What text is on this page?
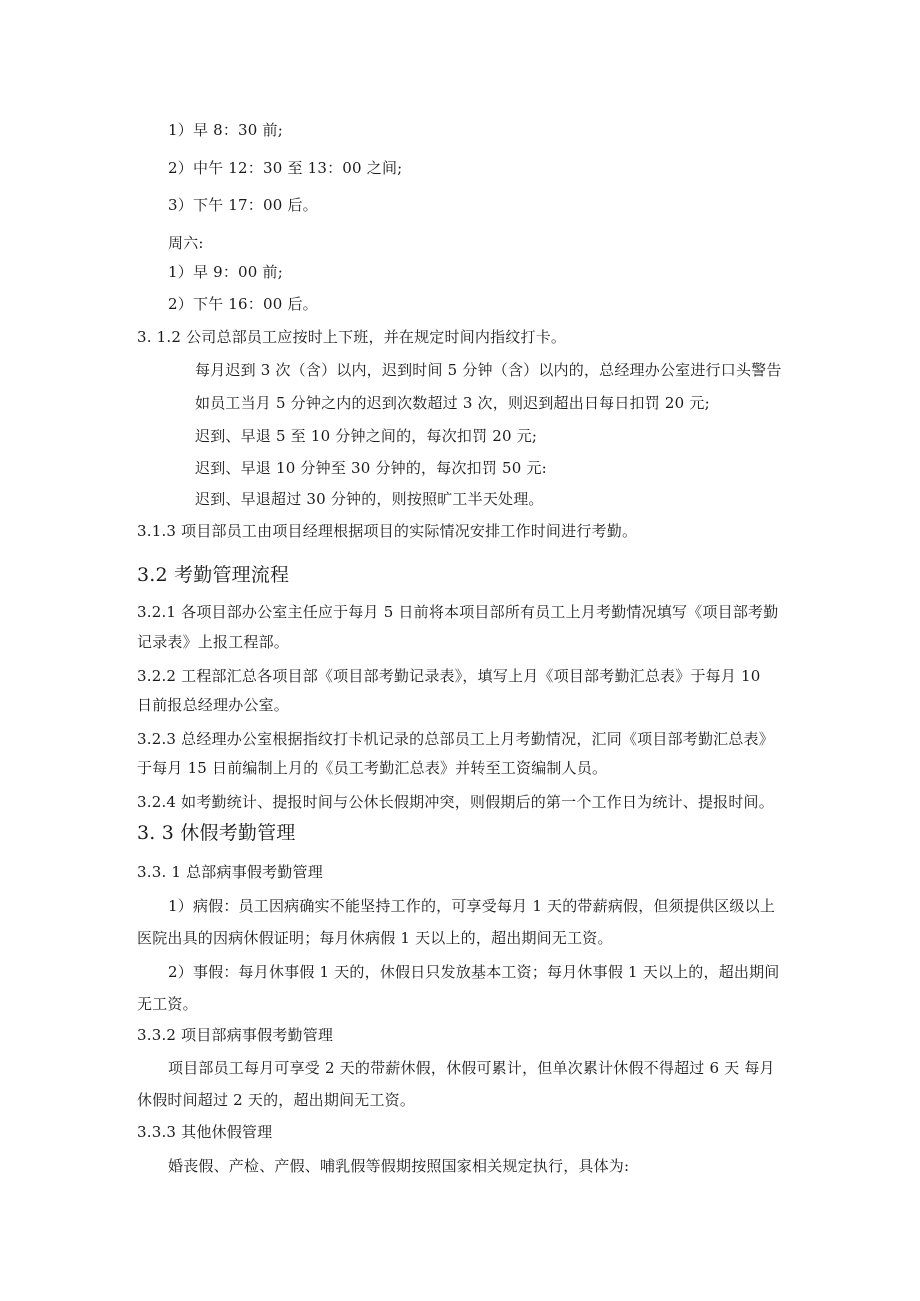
1）早 8：30 前;
2）中午 12：30 至 13：00 之间;
3）下午 17：00 后。
周六:
1）早 9：00 前;
2）下午 16：00 后。
3. 1.2 公司总部员工应按时上下班，并在规定时间内指纹打卡。
每月迟到 3 次（含）以内，迟到时间 5 分钟（含）以内的，总经理办公室进行口头警告
如员工当月 5 分钟之内的迟到次数超过 3 次，则迟到超出日每日扣罚 20 元;
迟到、早退 5 至 10 分钟之间的，每次扣罚 20 元;
迟到、早退 10 分钟至 30 分钟的，每次扣罚 50 元:
迟到、早退超过 30 分钟的，则按照旷工半天处理。
3.1.3 项目部员工由项目经理根据项目的实际情况安排工作时间进行考勤。
3.2 考勤管理流程
3.2.1 各项目部办公室主任应于每月 5 日前将本项目部所有员工上月考勤情况填写《项目部考勤
记录表》上报工程部。
3.2.2 工程部汇总各项目部《项目部考勤记录表》，填写上月《项目部考勤汇总表》于每月 10
日前报总经理办公室。
3.2.3 总经理办公室根据指纹打卡机记录的总部员工上月考勤情况，汇同《项目部考勤汇总表》
于每月 15 日前编制上月的《员工考勤汇总表》并转至工资编制人员。
3.2.4 如考勤统计、提报时间与公休长假期冲突，则假期后的第一个工作日为统计、提报时间。
3. 3 休假考勤管理
3.3. 1 总部病事假考勤管理
1）病假：员工因病确实不能坚持工作的，可享受每月 1 天的带薪病假，但须提供区级以上
医院出具的因病休假证明；每月休病假 1 天以上的，超出期间无工资。
2）事假：每月休事假 1 天的，休假日只发放基本工资；每月休事假 1 天以上的，超出期间
无工资。
3.3.2 项目部病事假考勤管理
项目部员工每月可享受 2 天的带薪休假，休假可累计，但单次累计休假不得超过 6 天 每月
休假时间超过 2 天的，超出期间无工资。
3.3.3 其他休假管理
婚丧假、产检、产假、哺乳假等假期按照国家相关规定执行，具体为:
